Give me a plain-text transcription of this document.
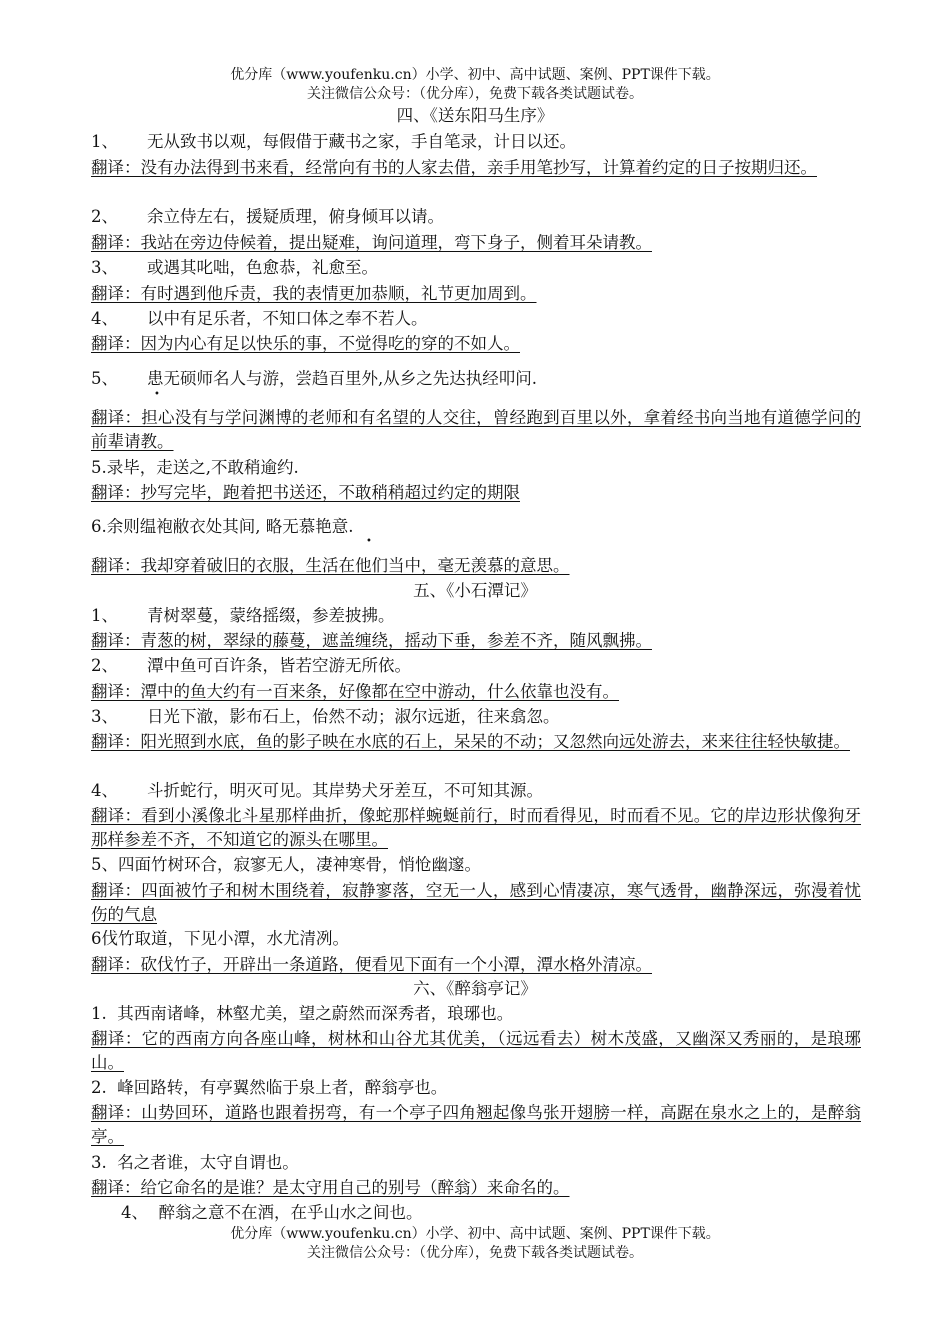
优分库（www.youfenku.cn）小学、初中、高中试题、案例、PPT课件下载。
关注微信公众号：（优分库），免费下载各类试题试卷。
四、《送东阳马生序》
1、 无从致书以观，每假借于藏书之家，手自笔录，计日以还。
翻译：没有办法得到书来看，经常向有书的人家去借，亲手用笔抄写，计算着约定的日子按期归还。
2、 余立侍左右，援疑质理，俯身倾耳以请。
翻译：我站在旁边侍候着，提出疑难，询问道理，弯下身子，侧着耳朵请教。
3、 或遇其叱咄，色愈恭，礼愈至。
翻译：有时遇到他斥责，我的表情更加恭顺，礼节更加周到。
4、 以中有足乐者，不知口体之奉不若人。
翻译：因为内心有足以快乐的事，不觉得吃的穿的不如人。
5、 患无硕师名人与游，尝趋百里外,从乡之先达执经叩问.
•
翻译：担心没有与学问渊博的老师和有名望的人交往，曾经跑到百里以外，拿着经书向当地有道德学问的前辈请教。
5.录毕，走送之,不敢稍逾约.
翻译：抄写完毕，跑着把书送还，不敢稍稍超过约定的期限
6.余则缊袍敝衣处其间, 略无慕艳意.
•
翻译：我却穿着破旧的衣服，生活在他们当中，毫无羡慕的意思。
五、《小石潭记》
1、 青树翠蔓，蒙络摇缀，参差披拂。
翻译：青葱的树，翠绿的藤蔓，遮盖缠绕，摇动下垂，参差不齐，随风飘拂。
2、 潭中鱼可百许条，皆若空游无所依。
翻译：潭中的鱼大约有一百来条，好像都在空中游动，什么依靠也没有。
3、 日光下澈，影布石上，佁然不动；淑尔远逝，往来翕忽。
翻译：阳光照到水底，鱼的影子映在水底的石上，呆呆的不动；又忽然向远处游去，来来往往轻快敏捷。
4、 斗折蛇行，明灭可见。其岸势犬牙差互，不可知其源。
翻译：看到小溪像北斗星那样曲折，像蛇那样蜿蜒前行，时而看得见，时而看不见。它的岸边形状像狗牙那样参差不齐，不知道它的源头在哪里。
5、四面竹树环合，寂寥无人，凄神寒骨，悄怆幽邃。
翻译：四面被竹子和树木围绕着，寂静寥落，空无一人，感到心情凄凉，寒气透骨，幽静深远，弥漫着忧伤的气息
6伐竹取道，下见小潭，水尤清冽。
翻译：砍伐竹子，开辟出一条道路，便看见下面有一个小潭，潭水格外清凉。
六、《醉翁亭记》
1. 其西南诸峰，林壑尤美，望之蔚然而深秀者，琅琊也。
翻译：它的西南方向各座山峰，树林和山谷尤其优美，（远远看去）树木茂盛，又幽深又秀丽的，是琅琊山。
2. 峰回路转，有亭翼然临于泉上者，醉翁亭也。
翻译：山势回环，道路也跟着拐弯，有一个亭子四角翘起像鸟张开翅膀一样，高踞在泉水之上的，是醉翁亭。
3. 名之者谁，太守自谓也。
翻译：给它命名的是谁？是太守用自己的别号（醉翁）来命名的。
4、 醉翁之意不在酒，在乎山水之间也。
优分库（www.youfenku.cn）小学、初中、高中试题、案例、PPT课件下载。
关注微信公众号：（优分库），免费下载各类试题试卷。
